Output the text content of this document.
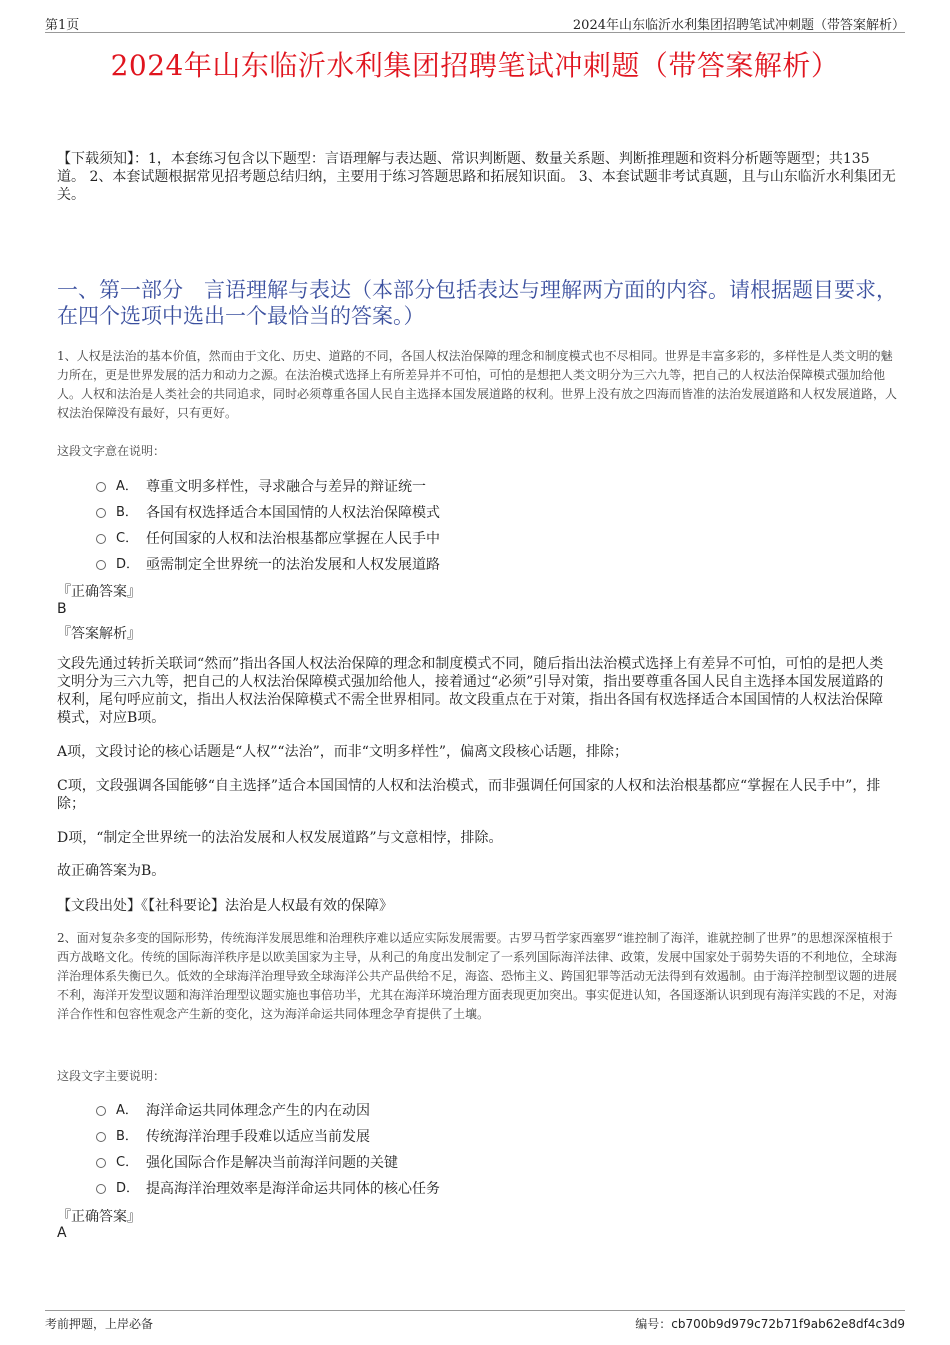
第1页	2024年山东临沂水利集团招聘笔试冲刺题（带答案解析）
2024年山东临沂水利集团招聘笔试冲刺题（带答案解析）
【下载须知】：1，本套练习包含以下题型：言语理解与表达题、常识判断题、数量关系题、判断推理题和资料分析题等题型；共135道。 2、本套试题根据常见招考题总结归纳，主要用于练习答题思路和拓展知识面。 3、本套试题非考试真题，且与山东临沂水利集团无关。
一、第一部分　言语理解与表达（本部分包括表达与理解两方面的内容。请根据题目要求，在四个选项中选出一个最恰当的答案。）
1、人权是法治的基本价值，然而由于文化、历史、道路的不同，各国人权法治保障的理念和制度模式也不尽相同。世界是丰富多彩的，多样性是人类文明的魅力所在，更是世界发展的活力和动力之源。在法治模式选择上有所差异并不可怕，可怕的是想把人类文明分为三六九等，把自己的人权法治保障模式强加给他人。人权和法治是人类社会的共同追求，同时必须尊重各国人民自主选择本国发展道路的权利。世界上没有放之四海而皆准的法治发展道路和人权发展道路，人权法治保障没有最好，只有更好。
这段文字意在说明：
A． 尊重文明多样性，寻求融合与差异的辩证统一
B． 各国有权选择适合本国国情的人权法治保障模式
C． 任何国家的人权和法治根基都应掌握在人民手中
D． 亟需制定全世界统一的法治发展和人权发展道路
『正确答案』
B
『答案解析』
文段先通过转折关联词“然而”指出各国人权法治保障的理念和制度模式不同，随后指出法治模式选择上有差异不可怕，可怕的是把人类文明分为三六九等，把自己的人权法治保障模式强加给他人，接着通过“必须”引导对策，指出要尊重各国人民自主选择本国发展道路的权利，尾句呼应前文，指出人权法治保障模式不需全世界相同。故文段重点在于对策，指出各国有权选择适合本国国情的人权法治保障模式，对应B项。
A项，文段讨论的核心话题是“人权”“法治”，而非“文明多样性”，偏离文段核心话题，排除；
C项，文段强调各国能够“自主选择”适合本国国情的人权和法治模式，而非强调任何国家的人权和法治根基都应“掌握在人民手中”，排除；
D项，“制定全世界统一的法治发展和人权发展道路”与文意相悖，排除。
故正确答案为B。
【文段出处】《【社科要论】法治是人权最有效的保障》
2、面对复杂多变的国际形势，传统海洋发展思维和治理秩序难以适应实际发展需要。古罗马哲学家西塞罗“谁控制了海洋，谁就控制了世界”的思想深深植根于西方战略文化。传统的国际海洋秩序是以欧美国家为主导，从利己的角度出发制定了一系列国际海洋法律、政策，发展中国家处于弱势失语的不利地位，全球海洋治理体系失衡已久。低效的全球海洋治理导致全球海洋公共产品供给不足，海盗、恐怖主义、跨国犯罪等活动无法得到有效遏制。由于海洋控制型议题的进展不利，海洋开发型议题和海洋治理型议题实施也事倍功半，尤其在海洋环境治理方面表现更加突出。事实促进认知，各国逐渐认识到现有海洋实践的不足，对海洋合作性和包容性观念产生新的变化，这为海洋命运共同体理念孕育提供了土壤。
这段文字主要说明：
A． 海洋命运共同体理念产生的内在动因
B． 传统海洋治理手段难以适应当前发展
C． 强化国际合作是解决当前海洋问题的关键
D． 提高海洋治理效率是海洋命运共同体的核心任务
『正确答案』
A
考前押题，上岸必备	编号：cb700b9d979c72b71f9ab62e8df4c3d9
